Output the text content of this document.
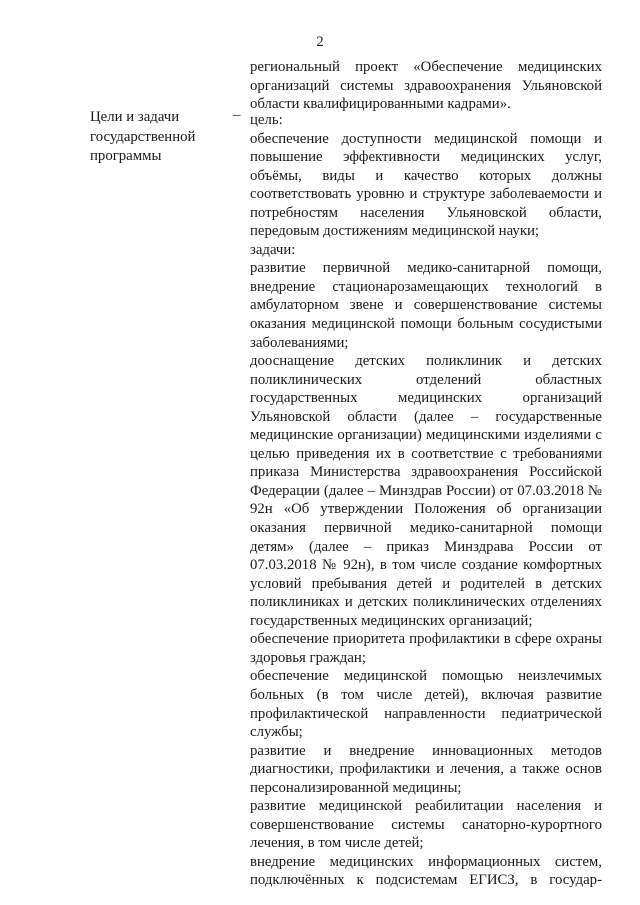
2
региональный проект «Обеспечение медицинских организаций системы здравоохранения Ульяновской области квалифицированными кадрами».
Цели и задачи государственной программы
– цель:
обеспечение доступности медицинской помощи и повышение эффективности медицинских услуг, объёмы, виды и качество которых должны соответствовать уровню и структуре заболеваемости и потребностям населения Ульяновской области, передовым достижениям медицинской науки;
задачи:
развитие первичной медико-санитарной помощи, внедрение стационарозамещающих технологий в амбулаторном звене и совершенствование системы оказания медицинской помощи больным сосудистыми заболеваниями;
дооснащение детских поликлиник и детских поликлинических отделений областных государственных медицинских организаций Ульяновской области (далее – государственные медицинские организации) медицинскими изделиями с целью приведения их в соответствие с требованиями приказа Министерства здравоохранения Российской Федерации (далее – Минздрав России) от 07.03.2018 № 92н «Об утверждении Положения об организации оказания первичной медико-санитарной помощи детям» (далее – приказ Минздрава России от 07.03.2018 № 92н), в том числе создание комфортных условий пребывания детей и родителей в детских поликлиниках и детских поликлинических отделениях государственных медицинских организаций;
обеспечение приоритета профилактики в сфере охраны здоровья граждан;
обеспечение медицинской помощью неизлечимых больных (в том числе детей), включая развитие профилактической направленности педиатрической службы;
развитие и внедрение инновационных методов диагностики, профилактики и лечения, а также основ персонализированной медицины;
развитие медицинской реабилитации населения и совершенствование системы санаторно-курортного лечения, в том числе детей;
внедрение медицинских информационных систем, подключённых к подсистемам ЕГИСЗ, в государ-
